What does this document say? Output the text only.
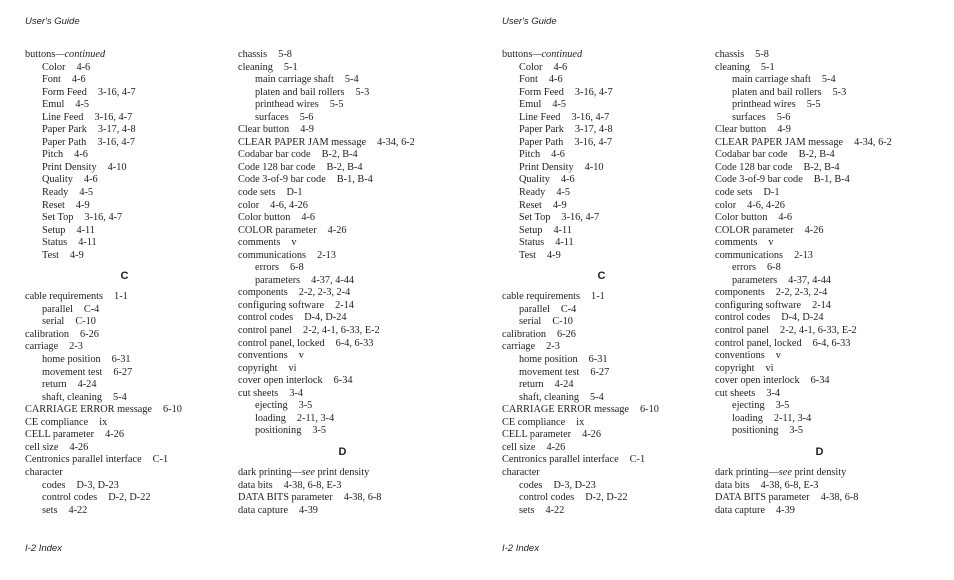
User's Guide
buttons—continued
Color 4-6
Font 4-6
Form Feed 3-16, 4-7
Emul 4-5
Line Feed 3-16, 4-7
Paper Park 3-17, 4-8
Paper Path 3-16, 4-7
Pitch 4-6
Print Density 4-10
Quality 4-6
Ready 4-5
Reset 4-9
Set Top 3-16, 4-7
Setup 4-11
Status 4-11
Test 4-9
C
cable requirements 1-1
parallel C-4
serial C-10
calibration 6-26
carriage 2-3
home position 6-31
movement test 6-27
return 4-24
shaft, cleaning 5-4
CARRIAGE ERROR message 6-10
CE compliance ix
CELL parameter 4-26
cell size 4-26
Centronics parallel interface C-1
character
codes D-3, D-23
control codes D-2, D-22
sets 4-22
chassis 5-8
cleaning 5-1
main carriage shaft 5-4
platen and bail rollers 5-3
printhead wires 5-5
surfaces 5-6
Clear button 4-9
CLEAR PAPER JAM message 4-34, 6-2
Codabar bar code B-2, B-4
Code 128 bar code B-2, B-4
Code 3-of-9 bar code B-1, B-4
code sets D-1
color 4-6, 4-26
Color button 4-6
COLOR parameter 4-26
comments v
communications 2-13
errors 6-8
parameters 4-37, 4-44
components 2-2, 2-3, 2-4
configuring software 2-14
control codes D-4, D-24
control panel 2-2, 4-1, 6-33, E-2
control panel, locked 6-4, 6-33
conventions v
copyright vi
cover open interlock 6-34
cut sheets 3-4
ejecting 3-5
loading 2-11, 3-4
positioning 3-5
D
dark printing—see print density
data bits 4-38, 6-8, E-3
DATA BITS parameter 4-38, 6-8
data capture 4-39
I-2 Index
User's Guide
buttons—continued
Color 4-6
Font 4-6
Form Feed 3-16, 4-7
Emul 4-5
Line Feed 3-16, 4-7
Paper Park 3-17, 4-8
Paper Path 3-16, 4-7
Pitch 4-6
Print Density 4-10
Quality 4-6
Ready 4-5
Reset 4-9
Set Top 3-16, 4-7
Setup 4-11
Status 4-11
Test 4-9
C
cable requirements 1-1
parallel C-4
serial C-10
calibration 6-26
carriage 2-3
home position 6-31
movement test 6-27
return 4-24
shaft, cleaning 5-4
CARRIAGE ERROR message 6-10
CE compliance ix
CELL parameter 4-26
cell size 4-26
Centronics parallel interface C-1
character
codes D-3, D-23
control codes D-2, D-22
sets 4-22
chassis 5-8
cleaning 5-1
main carriage shaft 5-4
platen and bail rollers 5-3
printhead wires 5-5
surfaces 5-6
Clear button 4-9
CLEAR PAPER JAM message 4-34, 6-2
Codabar bar code B-2, B-4
Code 128 bar code B-2, B-4
Code 3-of-9 bar code B-1, B-4
code sets D-1
color 4-6, 4-26
Color button 4-6
COLOR parameter 4-26
comments v
communications 2-13
errors 6-8
parameters 4-37, 4-44
components 2-2, 2-3, 2-4
configuring software 2-14
control codes D-4, D-24
control panel 2-2, 4-1, 6-33, E-2
control panel, locked 6-4, 6-33
conventions v
copyright vi
cover open interlock 6-34
cut sheets 3-4
ejecting 3-5
loading 2-11, 3-4
positioning 3-5
D
dark printing—see print density
data bits 4-38, 6-8, E-3
DATA BITS parameter 4-38, 6-8
data capture 4-39
I-2 Index
